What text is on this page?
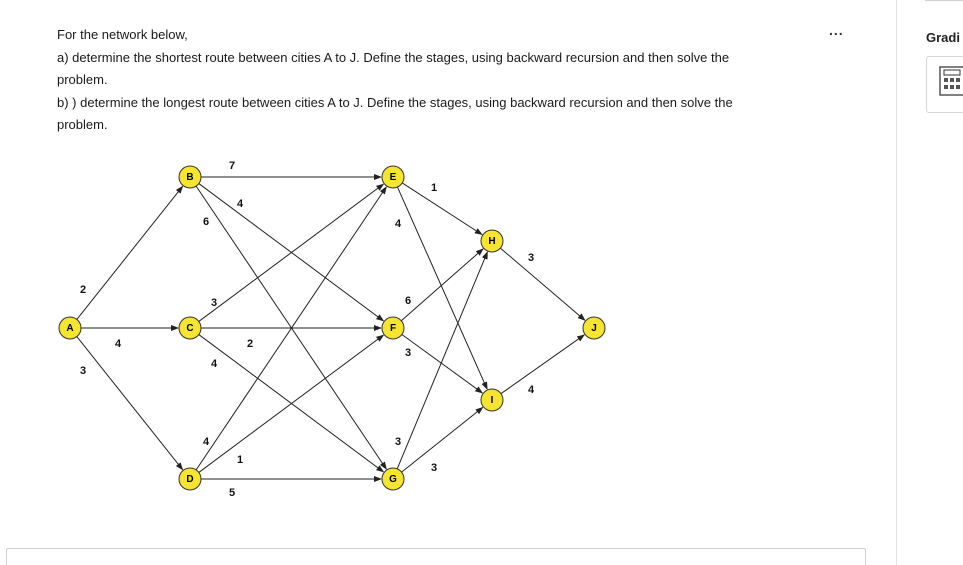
For the network below,

a) determine the shortest route between cities A to J. Define the stages, using backward recursion and then solve the

problem.

b) ) determine the longest route between cities A to J. Define the stages, using backward recursion and then solve the

problem.

...
2
4
3
7
4
6
3
2
4
4
1
5
1
4
6
3
3
3
3
4
A
B
C
D
E
F
G
H
I
J
Gradi
